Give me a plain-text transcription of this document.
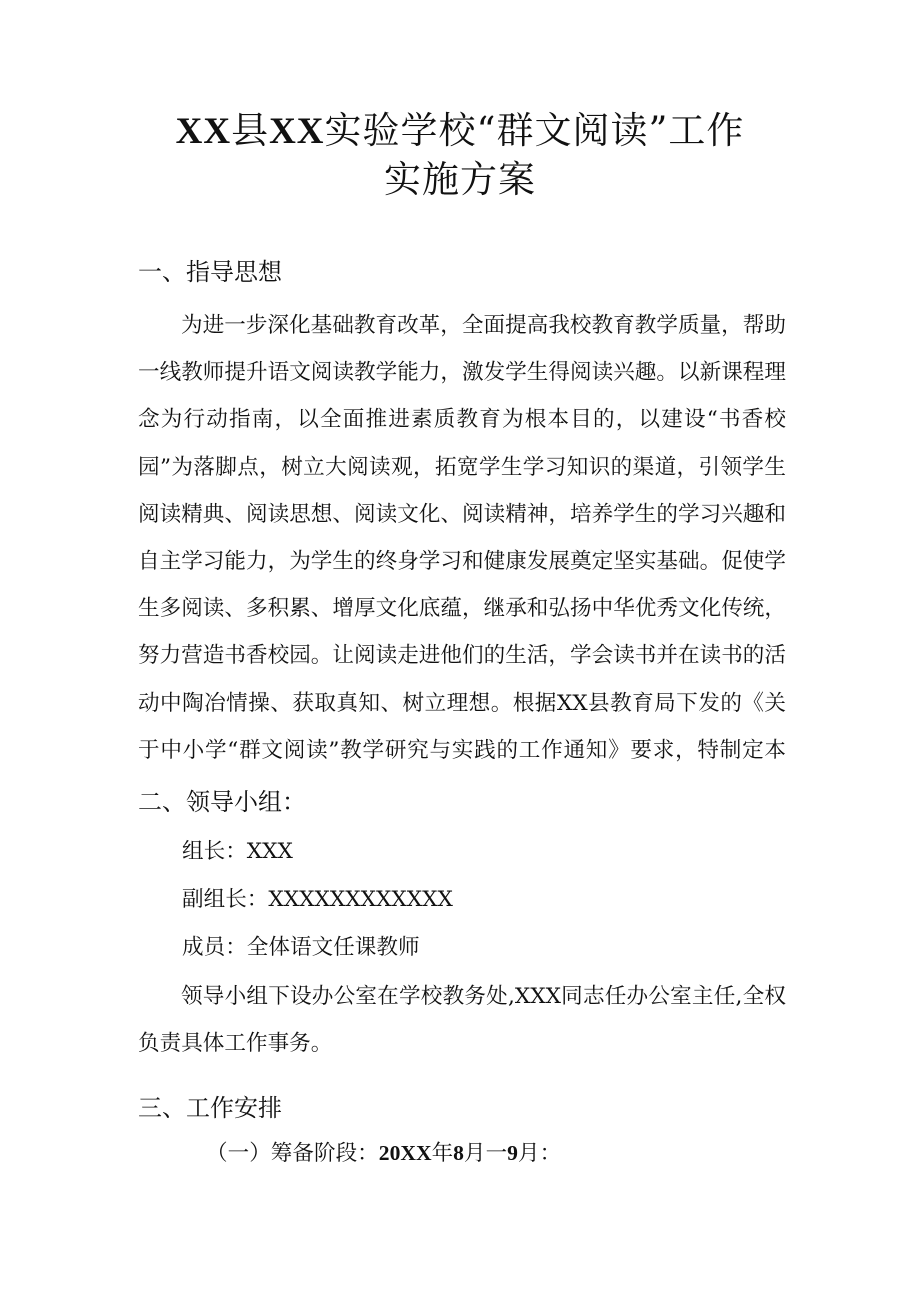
XX县XX实验学校“群文阅读”工作
实施方案
一、指导思想

为进一步深化基础教育改革，全面提高我校教育教学质量，帮助一线教师提升语文阅读教学能力，激发学生得阅读兴趣。以新课程理念为行动指南，以全面推进素质教育为根本目的，以建设“书香校园”为落脚点，树立大阅读观，拓宽学生学习知识的渠道，引领学生阅读精典、阅读思想、阅读文化、阅读精神，培养学生的学习兴趣和自主学习能力，为学生的终身学习和健康发展奠定坚实基础。促使学生多阅读、多积累、增厚文化底蕴，继承和弘扬中华优秀文化传统，努力营造书香校园。让阅读走进他们的生活，学会读书并在读书的活动中陶冶情操、获取真知、树立理想。根据XX县教育局下发的《关于中小学“群文阅读”教学研究与实践的工作通知》要求，特制定本

二、领导小组：
组长：XXX
副组长：XXXXXXXXXXXX
成员：全体语文任课教师

领导小组下设办公室在学校教务处,XXX同志任办公室主任,全权负责具体工作事务。

三、工作安排
（一）筹备阶段：20XX年8月一9月：
